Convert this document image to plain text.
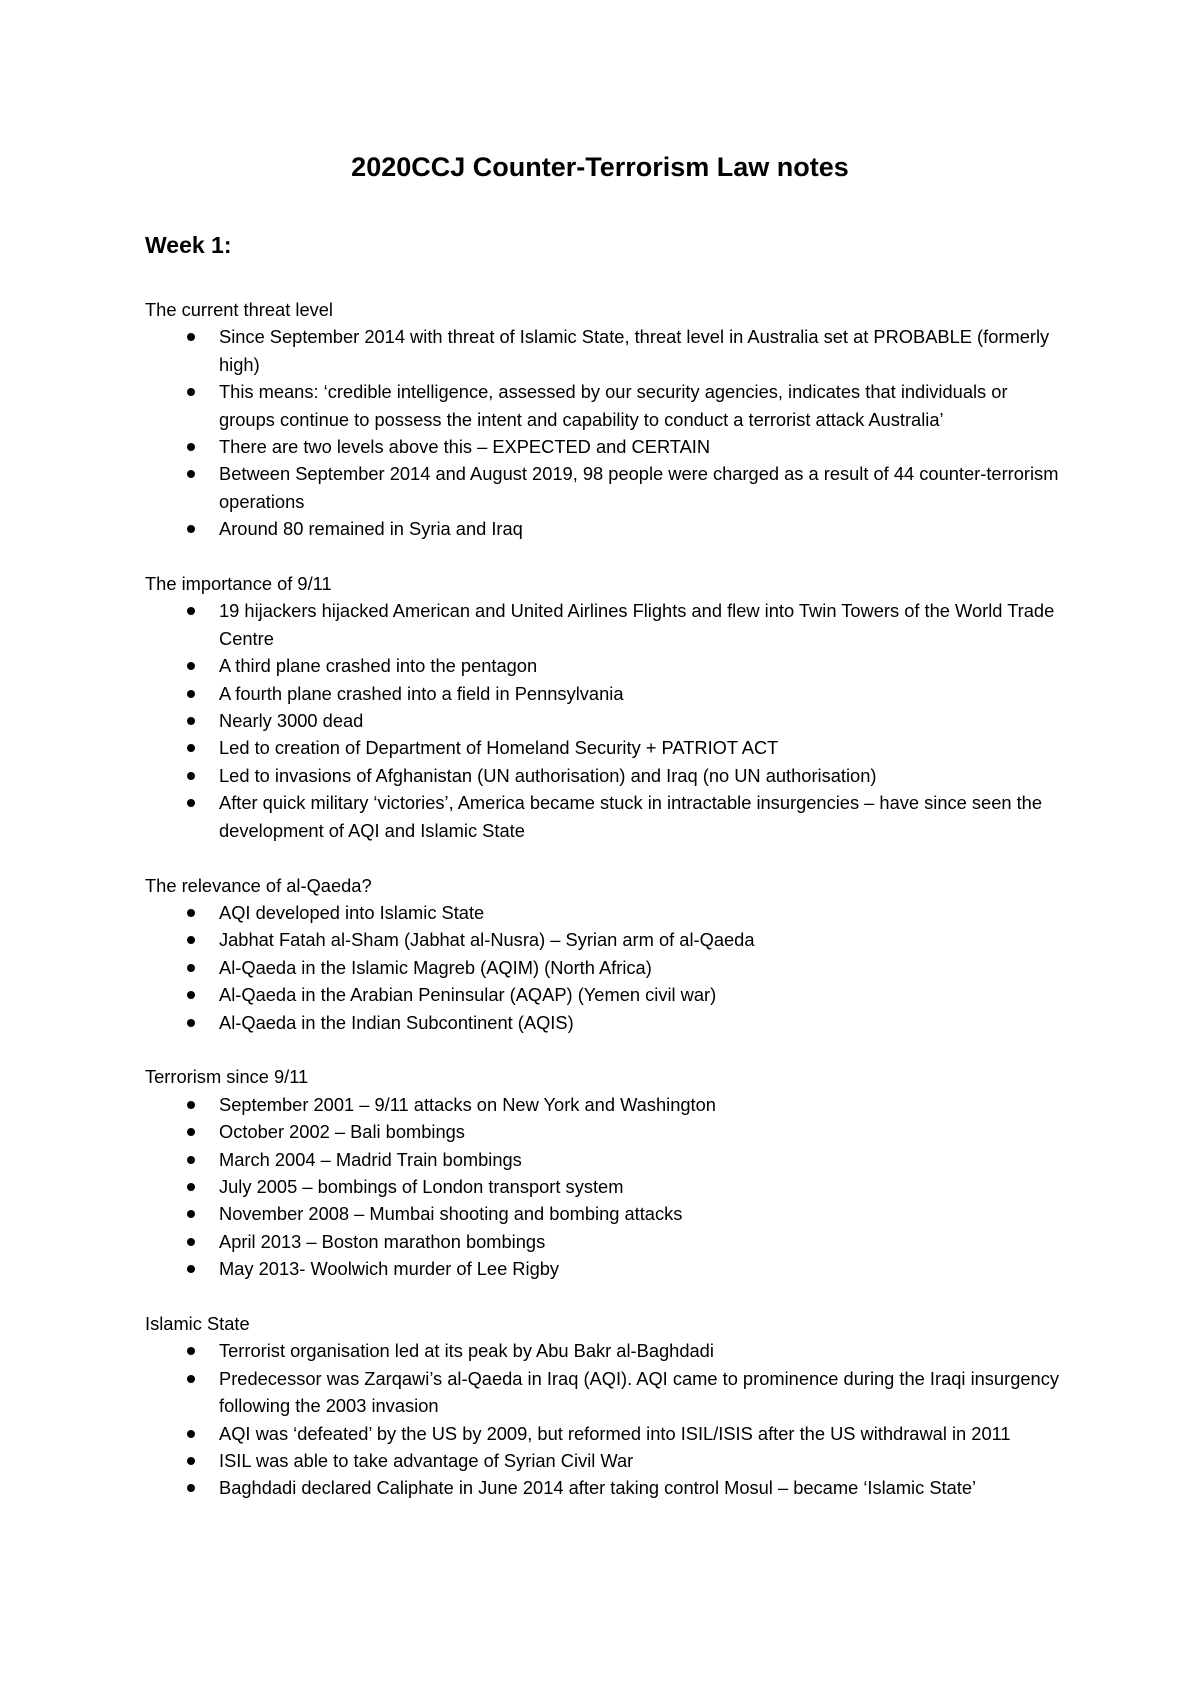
2020CCJ Counter-Terrorism Law notes
Week 1:

The current threat level

Since September 2014 with threat of Islamic State, threat level in Australia set at PROBABLE (formerly high)
This means: ‘credible intelligence, assessed by our security agencies, indicates that individuals or groups continue to possess the intent and capability to conduct a terrorist attack Australia’
There are two levels above this – EXPECTED and CERTAIN
Between September 2014 and August 2019, 98 people were charged as a result of 44 counter-terrorism operations
Around 80 remained in Syria and Iraq

The importance of 9/11

19 hijackers hijacked American and United Airlines Flights and flew into Twin Towers of the World Trade Centre
A third plane crashed into the pentagon
A fourth plane crashed into a field in Pennsylvania
Nearly 3000 dead
Led to creation of Department of Homeland Security + PATRIOT ACT
Led to invasions of Afghanistan (UN authorisation) and Iraq (no UN authorisation)
After quick military ‘victories’, America became stuck in intractable insurgencies – have since seen the development of AQI and Islamic State

The relevance of al-Qaeda?

AQI developed into Islamic State
Jabhat Fatah al-Sham (Jabhat al-Nusra) – Syrian arm of al-Qaeda
Al-Qaeda in the Islamic Magreb (AQIM) (North Africa)
Al-Qaeda in the Arabian Peninsular (AQAP) (Yemen civil war)
Al-Qaeda in the Indian Subcontinent (AQIS)

Terrorism since 9/11

September 2001 – 9/11 attacks on New York and Washington
October 2002 – Bali bombings
March 2004 – Madrid Train bombings
July 2005 – bombings of London transport system
November 2008 – Mumbai shooting and bombing attacks
April 2013 – Boston marathon bombings
May 2013- Woolwich murder of Lee Rigby

Islamic State

Terrorist organisation led at its peak by Abu Bakr al-Baghdadi
Predecessor was Zarqawi’s al-Qaeda in Iraq (AQI). AQI came to prominence during the Iraqi insurgency following the 2003 invasion
AQI was ‘defeated’ by the US by 2009, but reformed into ISIL/ISIS after the US withdrawal in 2011
ISIL was able to take advantage of Syrian Civil War
Baghdadi declared Caliphate in June 2014 after taking control Mosul – became ‘Islamic State’
